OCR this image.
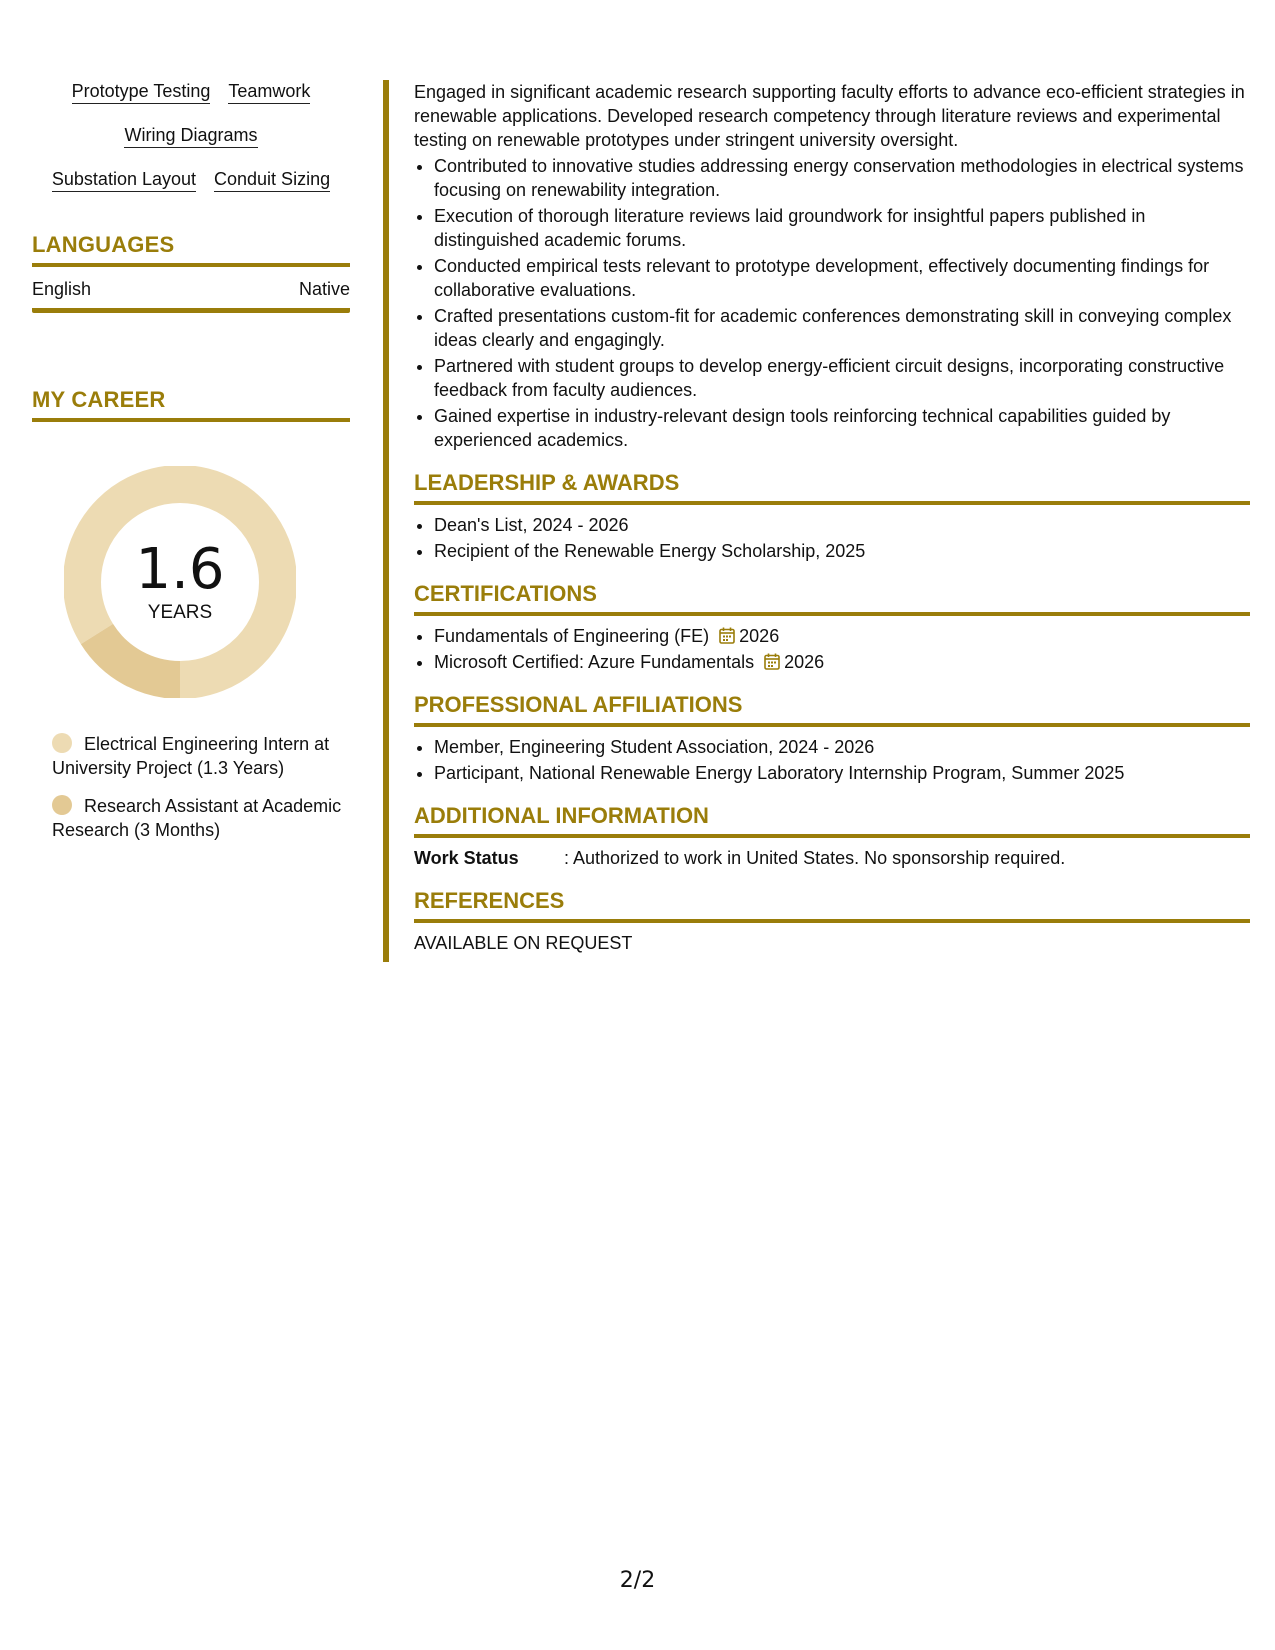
Prototype Testing Teamwork
Wiring Diagrams
Substation Layout Conduit Sizing
LANGUAGES
English	Native
MY CAREER
1.6
YEARS
Electrical Engineering Intern at University Project (1.3 Years)
Research Assistant at Academic Research (3 Months)

Engaged in significant academic research supporting faculty efforts to advance eco-efficient strategies in renewable applications. Developed research competency through literature reviews and experimental testing on renewable prototypes under stringent university oversight.

• Contributed to innovative studies addressing energy conservation methodologies in electrical systems focusing on renewability integration.
• Execution of thorough literature reviews laid groundwork for insightful papers published in distinguished academic forums.
• Conducted empirical tests relevant to prototype development, effectively documenting findings for collaborative evaluations.
• Crafted presentations custom-fit for academic conferences demonstrating skill in conveying complex ideas clearly and engagingly.
• Partnered with student groups to develop energy-efficient circuit designs, incorporating constructive feedback from faculty audiences.
• Gained expertise in industry-relevant design tools reinforcing technical capabilities guided by experienced academics.
LEADERSHIP & AWARDS
• Dean's List, 2024 - 2026
• Recipient of the Renewable Energy Scholarship, 2025
CERTIFICATIONS
• Fundamentals of Engineering (FE) 2026
• Microsoft Certified: Azure Fundamentals 2026
PROFESSIONAL AFFILIATIONS
• Member, Engineering Student Association, 2024 - 2026
• Participant, National Renewable Energy Laboratory Internship Program, Summer 2025
ADDITIONAL INFORMATION
Work Status	: Authorized to work in United States. No sponsorship required.
REFERENCES
AVAILABLE ON REQUEST
2/2
